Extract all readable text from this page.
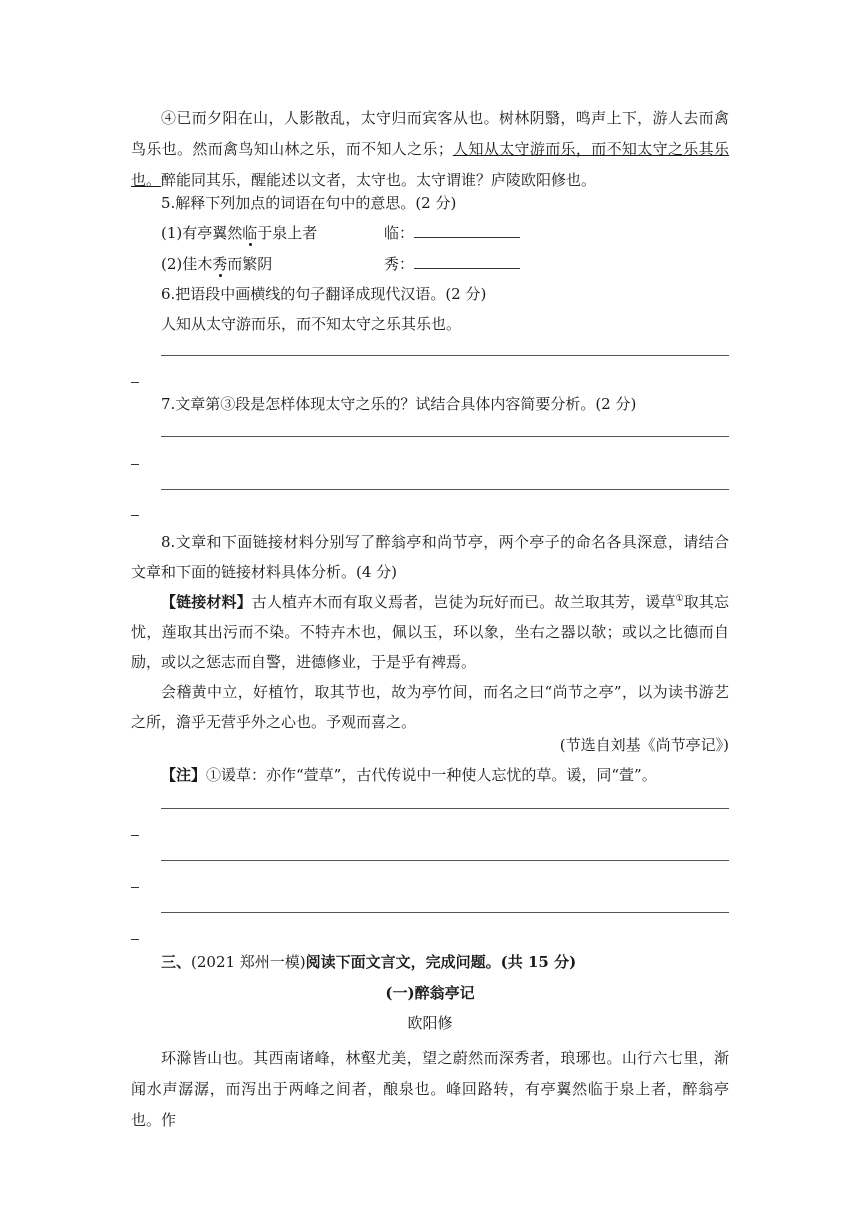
④已而夕阳在山，人影散乱，太守归而宾客从也。树林阴翳，鸣声上下，游人去而禽鸟乐也。然而禽鸟知山林之乐，而不知人之乐；人知从太守游而乐，而不知太守之乐其乐也。醉能同其乐，醒能述以文者，太守也。太守谓谁？庐陵欧阳修也。
5.解释下列加点的词语在句中的意思。(2 分)
(1)有亭翼然临于泉上者	临：
(2)佳木秀而繁阴	秀：
6.把语段中画横线的句子翻译成现代汉语。(2 分)
人知从太守游而乐，而不知太守之乐其乐也。
7.文章第③段是怎样体现太守之乐的？试结合具体内容简要分析。(2 分)
8.文章和下面链接材料分别写了醉翁亭和尚节亭，两个亭子的命名各具深意，请结合文章和下面的链接材料具体分析。(4 分)
【链接材料】古人植卉木而有取义焉者，岂徒为玩好而已。故兰取其芳，谖草①取其忘忧，莲取其出污而不染。不特卉木也，佩以玉，环以象，坐右之器以欹；或以之比德而自励，或以之惩志而自警，进德修业，于是乎有裨焉。
会稽黄中立，好植竹，取其节也，故为亭竹间，而名之曰“尚节之亭”，以为读书游艺之所，澹乎无营乎外之心也。予观而喜之。
(节选自刘基《尚节亭记》)
【注】①谖草：亦作“萱草”，古代传说中一种使人忘忧的草。谖，同“萱”。
三、(2021 郑州一模)阅读下面文言文，完成问题。(共 15 分)
(一)醉翁亭记
欧阳修
环滁皆山也。其西南诸峰，林壑尤美，望之蔚然而深秀者，琅琊也。山行六七里，渐闻水声潺潺，而泻出于两峰之间者，酿泉也。峰回路转，有亭翼然临于泉上者，醉翁亭也。作
